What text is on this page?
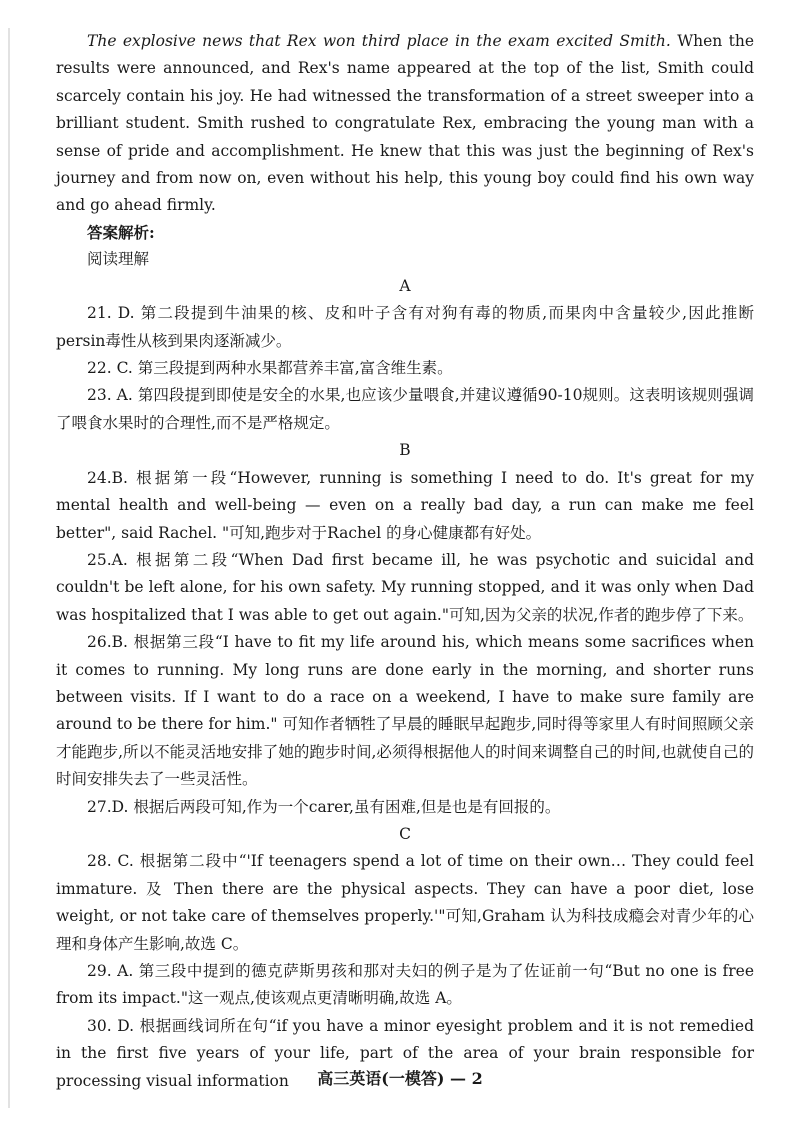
The explosive news that Rex won third place in the exam excited Smith. When the results were announced, and Rex's name appeared at the top of the list, Smith could scarcely contain his joy. He had witnessed the transformation of a street sweeper into a brilliant student. Smith rushed to congratulate Rex, embracing the young man with a sense of pride and accomplishment. He knew that this was just the beginning of Rex's journey and from now on, even without his help, this young boy could find his own way and go ahead firmly.

答案解析:

阅读理解

A

21. D. 第二段提到牛油果的核、皮和叶子含有对狗有毒的物质,而果肉中含量较少,因此推断persin毒性从核到果肉逐渐减少。

22. C. 第三段提到两种水果都营养丰富,富含维生素。

23. A. 第四段提到即使是安全的水果,也应该少量喂食,并建议遵循90-10规则。这表明该规则强调了喂食水果时的合理性,而不是严格规定。

B

24.B. 根据第一段“However, running is something I need to do. It's great for my mental health and well-being — even on a really bad day, a run can make me feel better", said Rachel. "可知,跑步对于Rachel 的身心健康都有好处。

25.A. 根据第二段“When Dad first became ill, he was psychotic and suicidal and couldn't be left alone, for his own safety. My running stopped, and it was only when Dad was hospitalized that I was able to get out again."可知,因为父亲的状况,作者的跑步停了下来。

26.B. 根据第三段“I have to fit my life around his, which means some sacrifices when it comes to running. My long runs are done early in the morning, and shorter runs between visits. If I want to do a race on a weekend, I have to make sure family are around to be there for him." 可知作者牺牲了早晨的睡眠早起跑步,同时得等家里人有时间照顾父亲才能跑步,所以不能灵活地安排了她的跑步时间,必须得根据他人的时间来调整自己的时间,也就使自己的时间安排失去了一些灵活性。

27.D. 根据后两段可知,作为一个carer,虽有困难,但是也是有回报的。

C

28. C. 根据第二段中“'If teenagers spend a lot of time on their own… They could feel immature. 及 Then there are the physical aspects. They can have a poor diet, lose weight, or not take care of themselves properly.'"可知,Graham 认为科技成瘾会对青少年的心理和身体产生影响,故选 C。

29. A. 第三段中提到的德克萨斯男孩和那对夫妇的例子是为了佐证前一句“But no one is free from its impact."这一观点,使该观点更清晰明确,故选 A。

30. D. 根据画线词所在句“if you have a minor eyesight problem and it is not remedied in the first five years of your life, part of the area of your brain responsible for processing visual information	高三英语(一模答) — 2
